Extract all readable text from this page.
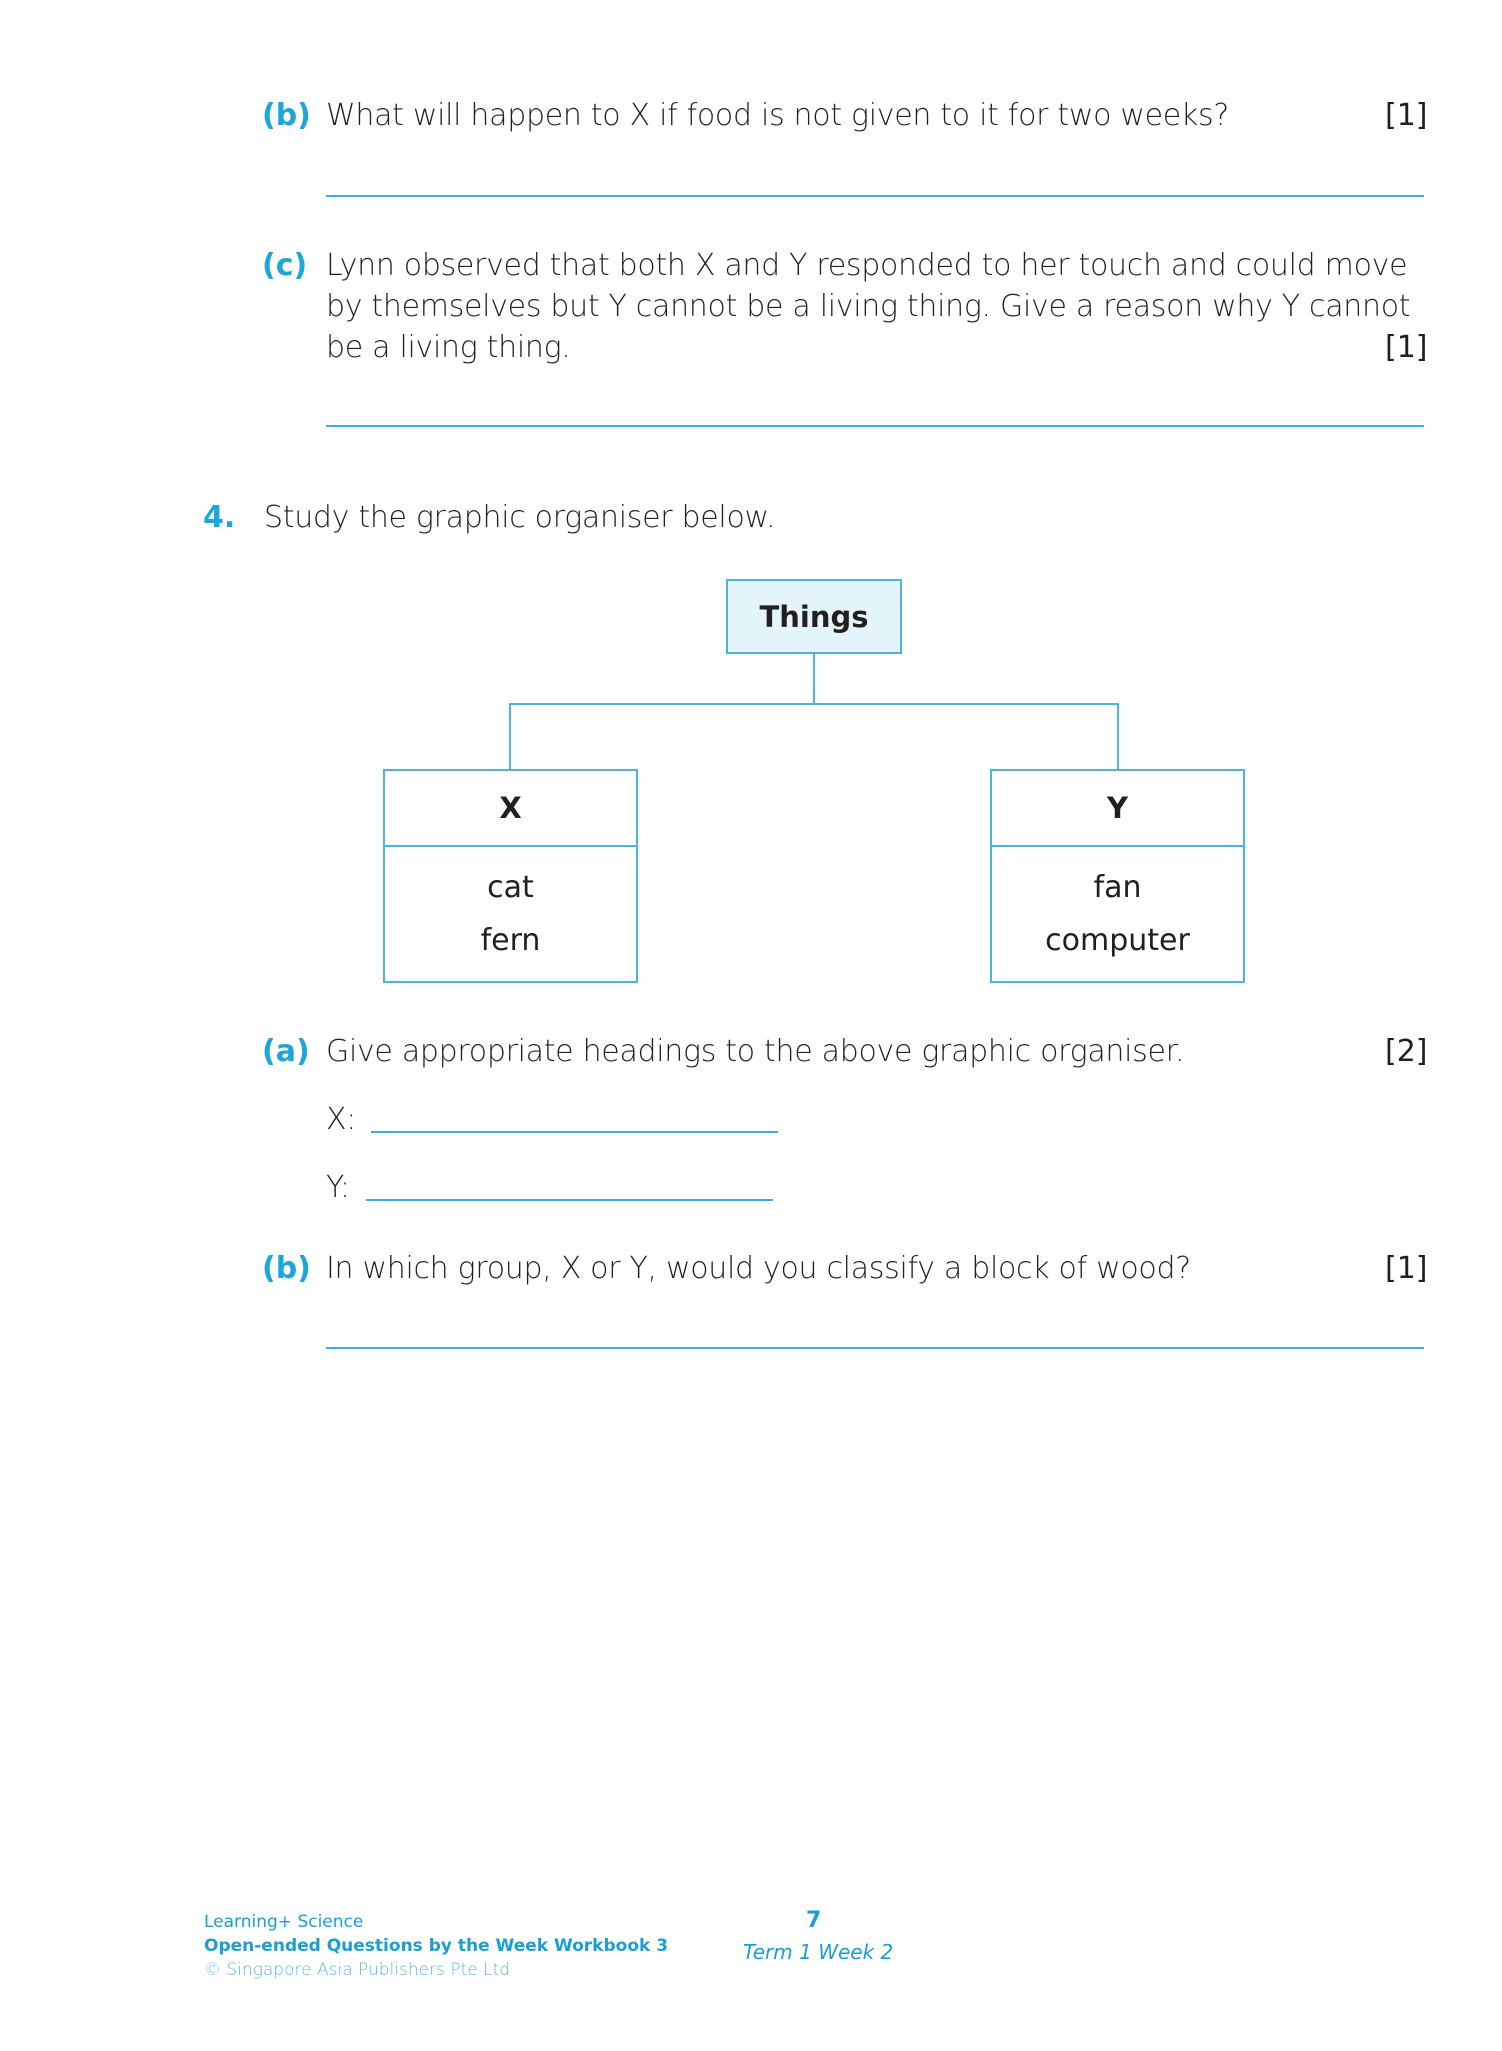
(b) What will happen to X if food is not given to it for two weeks?	[1]
(c) Lynn observed that both X and Y responded to her touch and could move
by themselves but Y cannot be a living thing. Give a reason why Y cannot
be a living thing.	[1]
4. Study the graphic organiser below.
Things
X
cat
fern
Y
fan
computer
(a) Give appropriate headings to the above graphic organiser.	[2]
X:
Y:
(b) In which group, X or Y, would you classify a block of wood?	[1]
Learning+ Science
Open-ended Questions by the Week Workbook 3
© Singapore Asia Publishers Pte Ltd
7
Term 1 Week 2
